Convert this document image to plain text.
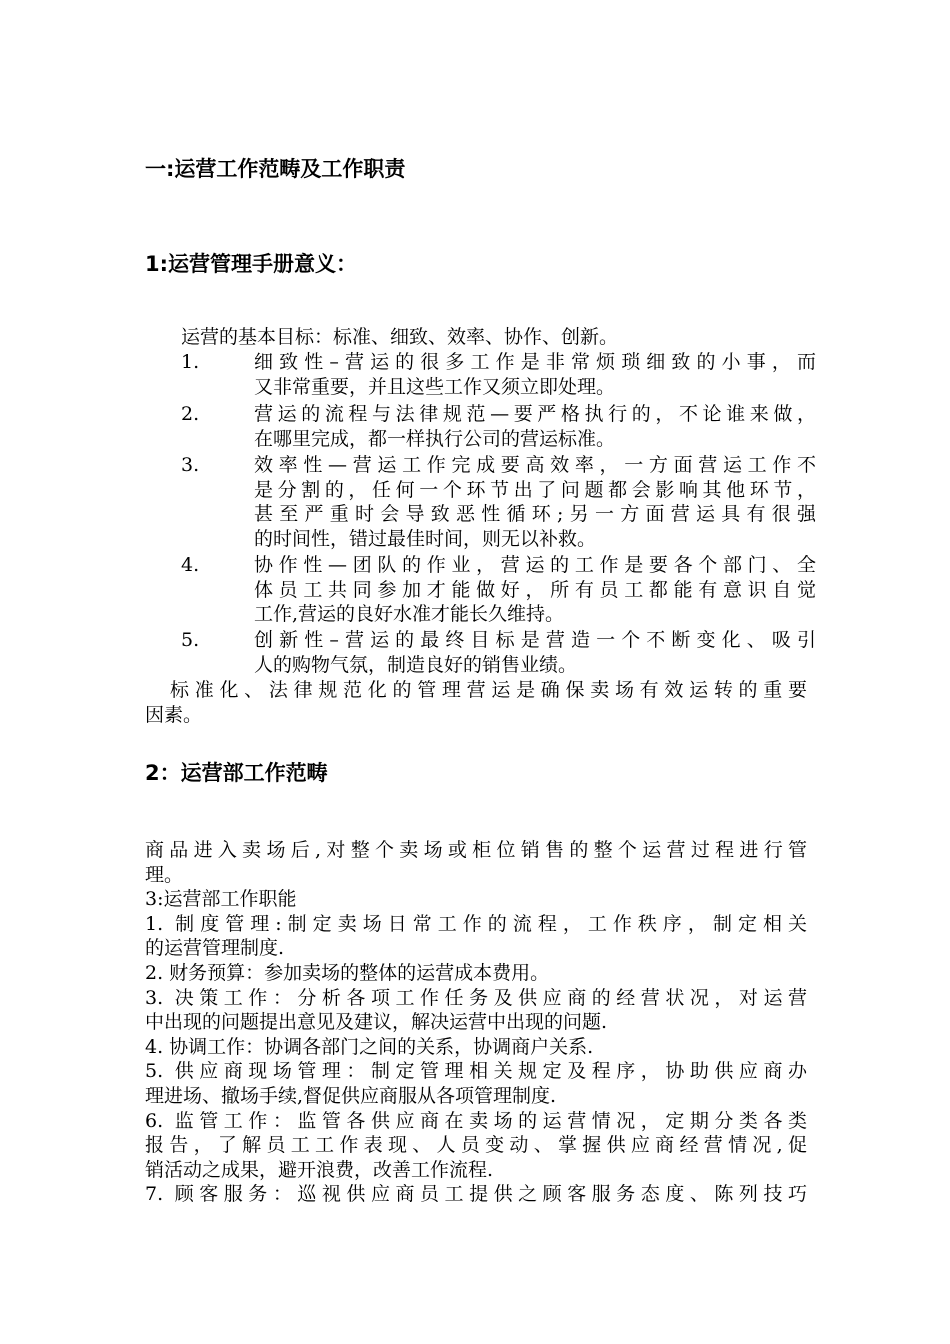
一:运营工作范畴及工作职责
1:运营管理手册意义：

运营的基本目标：标准、细致、效率、协作、创新。

1.	细致性–营运的很多工作是非常烦琐细致的小事，而
又非常重要，并且这些工作又须立即处理。
2.	营运的流程与法律规范—要严格执行的，不论谁来做，
在哪里完成，都一样执行公司的营运标准。
3.	效率性—营运工作完成要高效率，一方面营运工作不
是分割的，任何一个环节出了问题都会影响其他环节，
甚至严重时会导致恶性循环;另一方面营运具有很强
的时间性，错过最佳时间，则无以补救。
4.	协作性—团队的作业，营运的工作是要各个部门、全
体员工共同参加才能做好，所有员工都能有意识自觉
工作,营运的良好水准才能长久维持。
5.	创新性–营运的最终目标是营造一个不断变化、吸引
人的购物气氛，制造良好的销售业绩。

标准化、法律规范化的管理营运是确保卖场有效运转的重要
因素。

2：运营部工作范畴
商品进入卖场后,对整个卖场或柜位销售的整个运营过程进行管
理。
3:运营部工作职能
1. 制度管理:制定卖场日常工作的流程，工作秩序，制定相关
的运营管理制度.
2. 财务预算：参加卖场的整体的运营成本费用。
3. 决策工作：分析各项工作任务及供应商的经营状况，对运营
中出现的问题提出意见及建议，解决运营中出现的问题.
4. 协调工作：协调各部门之间的关系，协调商户关系.
5. 供应商现场管理：制定管理相关规定及程序，协助供应商办
理进场、撤场手续,督促供应商服从各项管理制度.
6. 监管工作：监管各供应商在卖场的运营情况，定期分类各类
报告，了解员工工作表现、人员变动、掌握供应商经营情况,促
销活动之成果，避开浪费，改善工作流程.
7. 顾客服务：巡视供应商员工提供之顾客服务态度、陈列技巧
